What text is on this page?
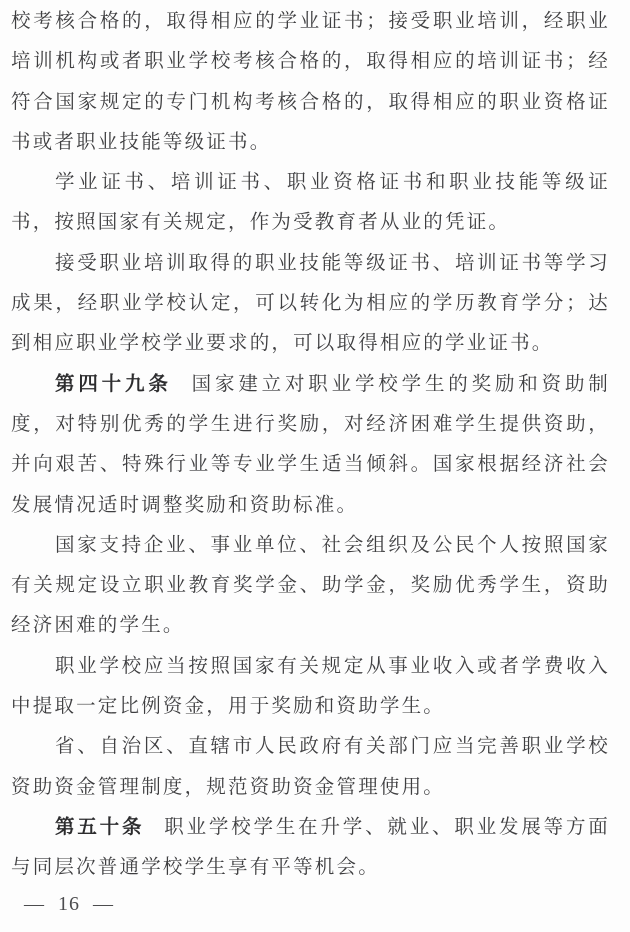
校考核合格的，取得相应的学业证书；接受职业培训，经职业培训机构或者职业学校考核合格的，取得相应的培训证书；经符合国家规定的专门机构考核合格的，取得相应的职业资格证书或者职业技能等级证书。

学业证书、培训证书、职业资格证书和职业技能等级证书，按照国家有关规定，作为受教育者从业的凭证。

接受职业培训取得的职业技能等级证书、培训证书等学习成果，经职业学校认定，可以转化为相应的学历教育学分；达到相应职业学校学业要求的，可以取得相应的学业证书。

第四十九条 国家建立对职业学校学生的奖励和资助制度，对特别优秀的学生进行奖励，对经济困难学生提供资助，并向艰苦、特殊行业等专业学生适当倾斜。国家根据经济社会发展情况适时调整奖励和资助标准。

国家支持企业、事业单位、社会组织及公民个人按照国家有关规定设立职业教育奖学金、助学金，奖励优秀学生，资助经济困难的学生。

职业学校应当按照国家有关规定从事业收入或者学费收入中提取一定比例资金，用于奖励和资助学生。

省、自治区、直辖市人民政府有关部门应当完善职业学校资助资金管理制度，规范资助资金管理使用。

第五十条 职业学校学生在升学、就业、职业发展等方面与同层次普通学校学生享有平等机会。

— 16 —
